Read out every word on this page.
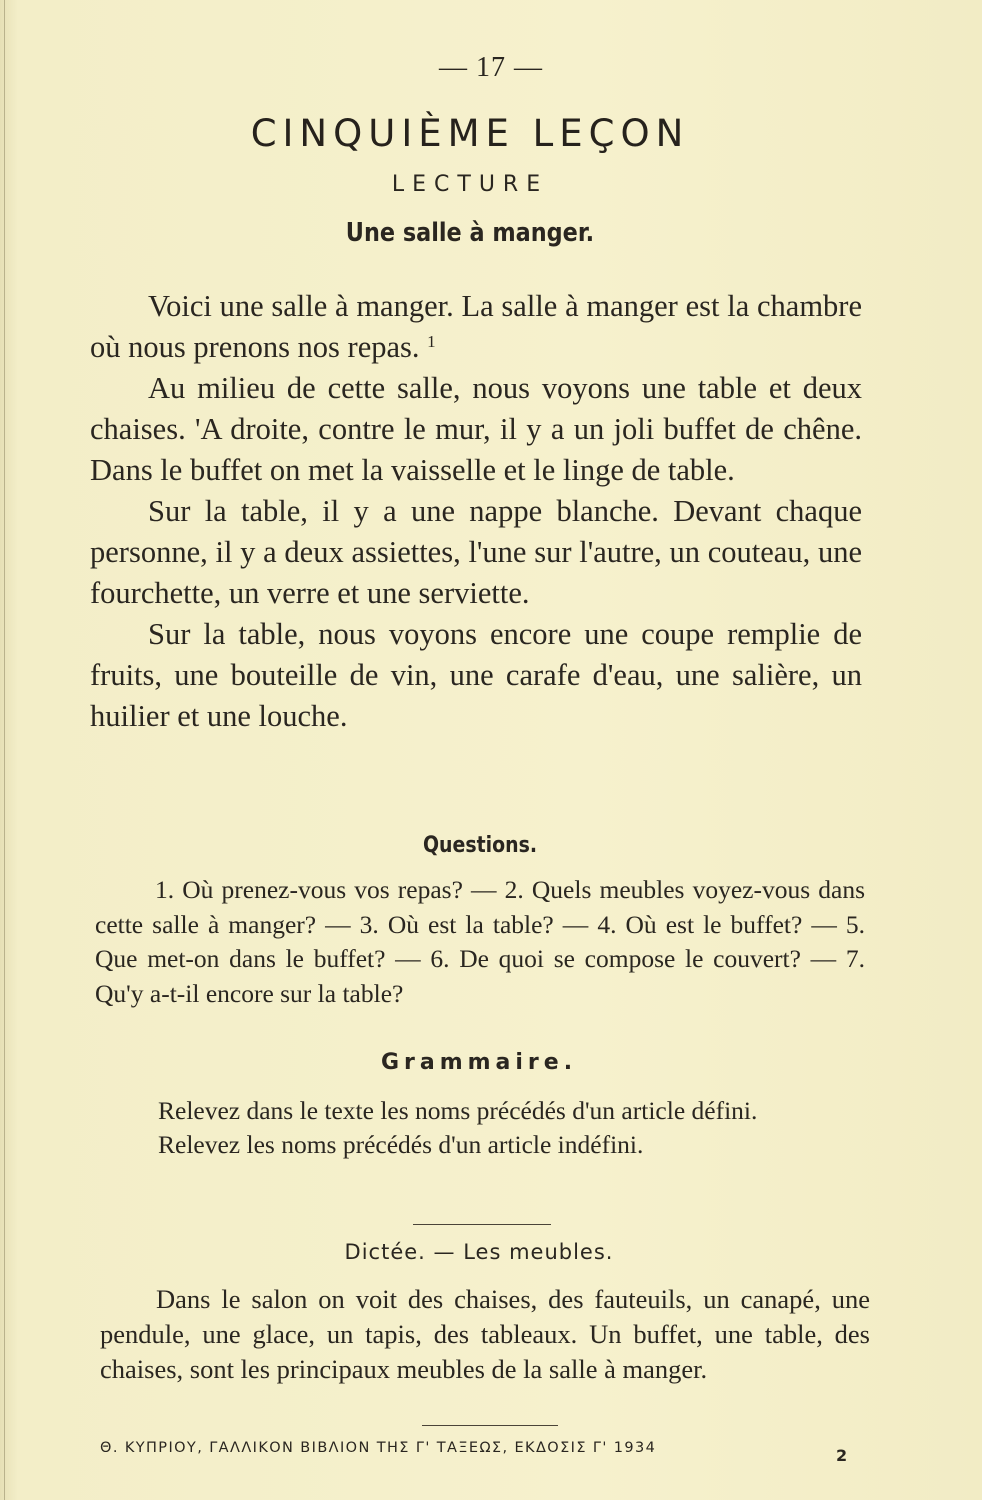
— 17 —
CINQUIÈME LEÇON
LECTURE
Une salle à manger.

Voici une salle à manger. La salle à manger est la chambre où nous prenons nos repas. $^1$

Au milieu de cette salle, nous voyons une table et deux chaises. 'A droite, contre le mur, il y a un joli buffet de chêne. Dans le buffet on met la vaisselle et le linge de table.

Sur la table, il y a une nappe blanche. Devant chaque personne, il y a deux assiettes, l'une sur l'autre, un couteau, une fourchette, un verre et une serviette.

Sur la table, nous voyons encore une coupe remplie de fruits, une bouteille de vin, une carafe d'eau, une salière, un huilier et une louche.

Questions.

1. Où prenez-vous vos repas? — 2. Quels meubles voyez-vous dans cette salle à manger? — 3. Où est la table? — 4. Où est le buffet? — 5. Que met-on dans le buffet? — 6. De quoi se compose le couvert? — 7. Qu'y a-t-il encore sur la table?

Grammaire.

Relevez dans le texte les noms précédés d'un article défini.

Relevez les noms précédés d'un article indéfini.

Dictée. — Les meubles.

Dans le salon on voit des chaises, des fauteuils, un canapé, une pendule, une glace, un tapis, des tableaux. Un buffet, une table, des chaises, sont les principaux meubles de la salle à manger.

Θ. ΚΥΠΡΙΟΥ, ΓΑΛΛΙΚΟΝ ΒΙΒΛΙΟΝ ΤΗΣ Γ' ΤΑΞΕΩΣ, ΕΚΔΟΣΙΣ Γ' 1934	2
